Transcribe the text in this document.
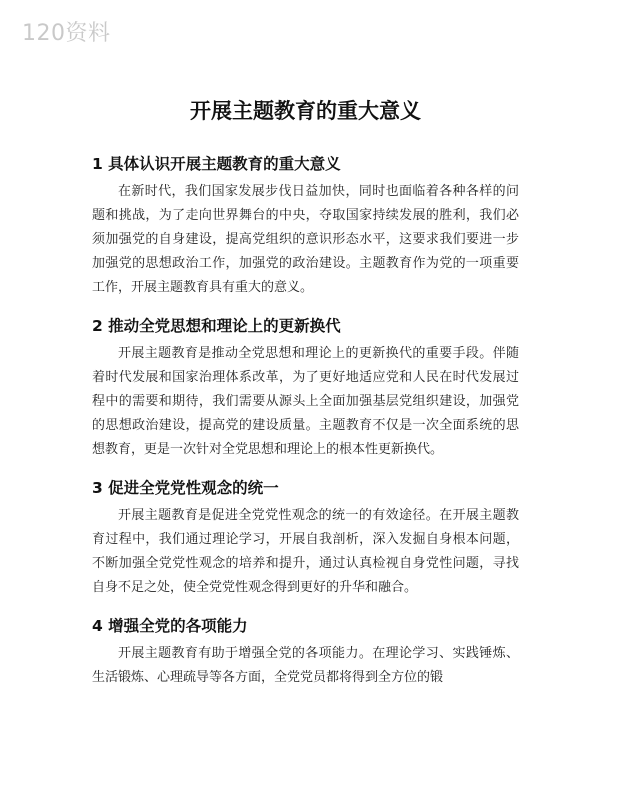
120资料
开展主题教育的重大意义
1 具体认识开展主题教育的重大意义

在新时代，我们国家发展步伐日益加快，同时也面临着各种各样的问题和挑战，为了走向世界舞台的中央，夺取国家持续发展的胜利，我们必须加强党的自身建设，提高党组织的意识形态水平，这要求我们要进一步加强党的思想政治工作，加强党的政治建设。主题教育作为党的一项重要工作，开展主题教育具有重大的意义。

2 推动全党思想和理论上的更新换代

开展主题教育是推动全党思想和理论上的更新换代的重要手段。伴随着时代发展和国家治理体系改革，为了更好地适应党和人民在时代发展过程中的需要和期待，我们需要从源头上全面加强基层党组织建设，加强党的思想政治建设，提高党的建设质量。主题教育不仅是一次全面系统的思想教育，更是一次针对全党思想和理论上的根本性更新换代。

3 促进全党党性观念的统一

开展主题教育是促进全党党性观念的统一的有效途径。在开展主题教育过程中，我们通过理论学习，开展自我剖析，深入发掘自身根本问题，不断加强全党党性观念的培养和提升，通过认真检视自身党性问题，寻找自身不足之处，使全党党性观念得到更好的升华和融合。

4 增强全党的各项能力

开展主题教育有助于增强全党的各项能力。在理论学习、实践锤炼、生活锻炼、心理疏导等各方面，全党党员都将得到全方位的锻
